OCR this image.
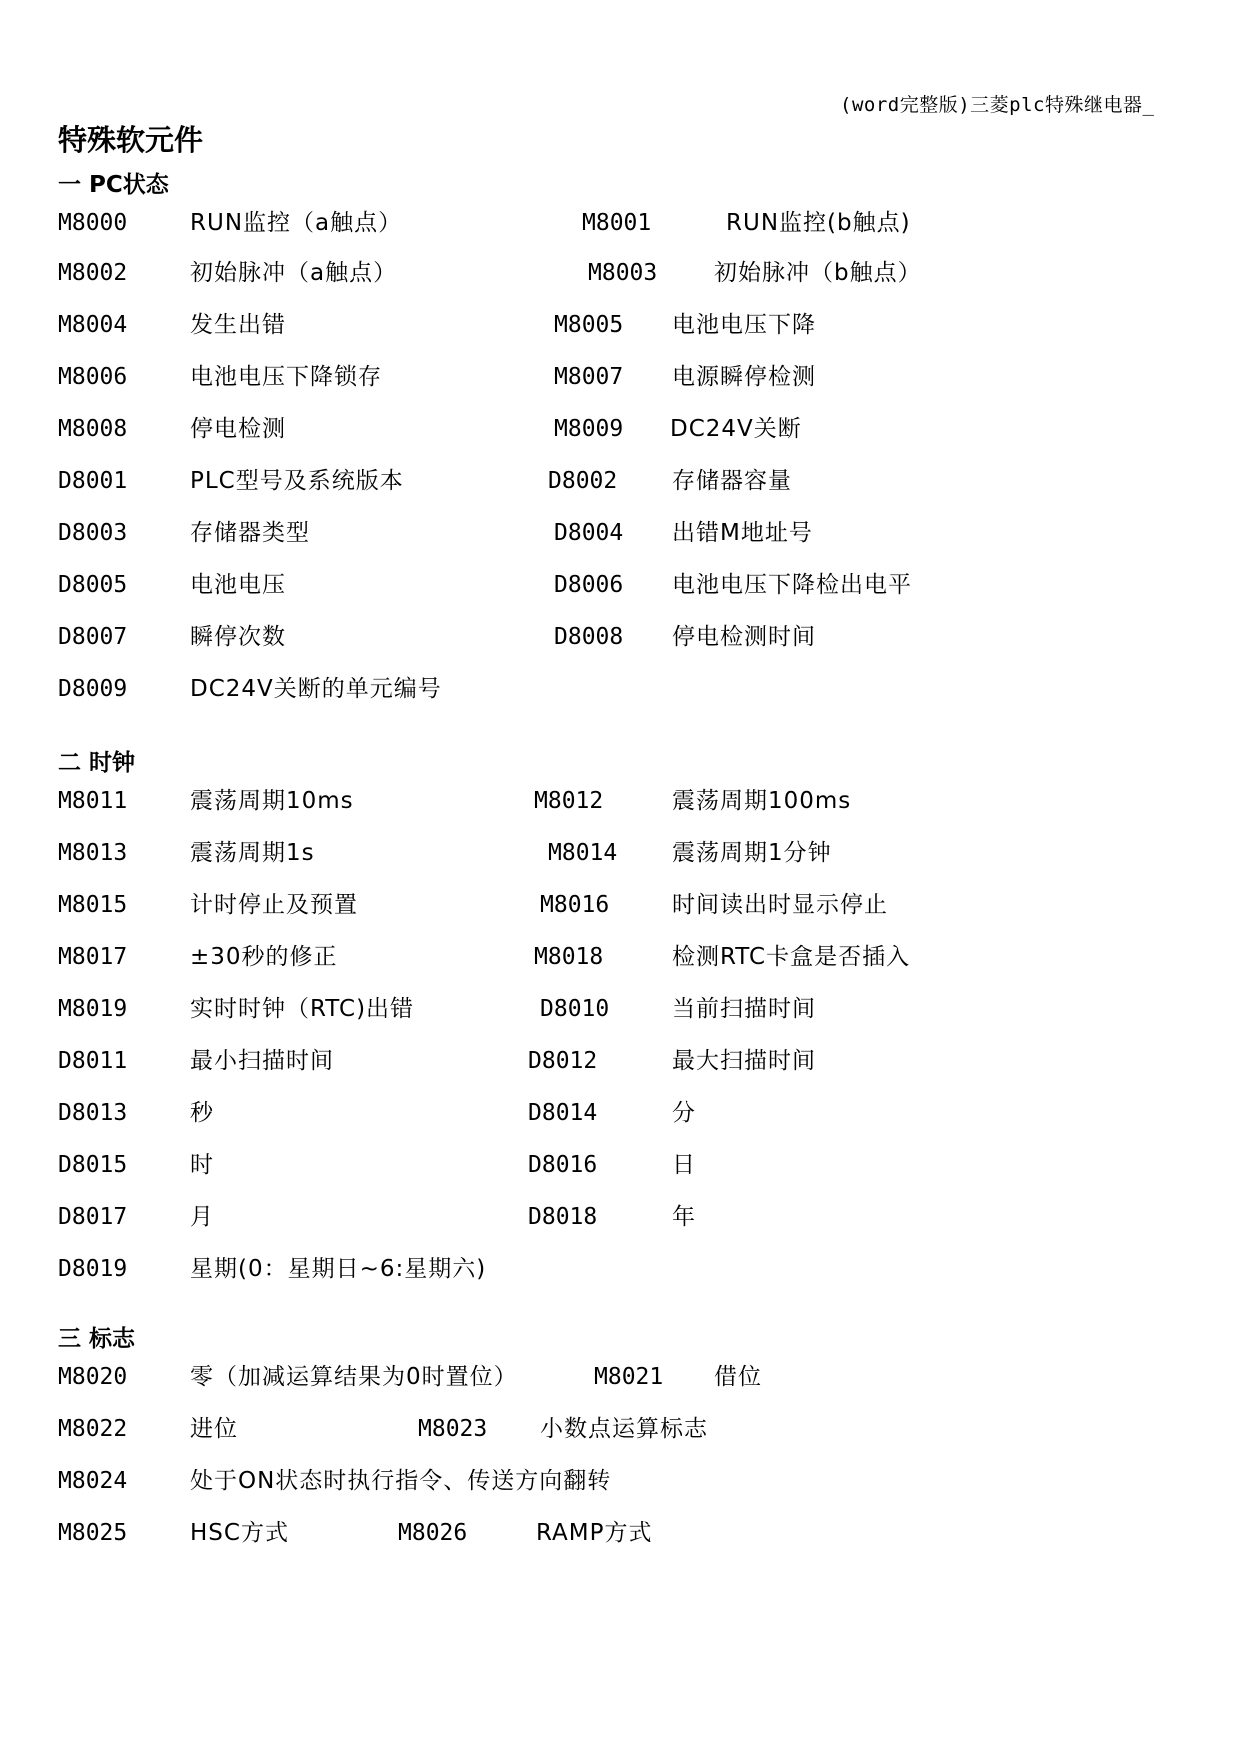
(word完整版)三菱plc特殊继电器_
特殊软元件
一 PC状态
M8000	RUN监控（a触点）	M8001	RUN监控(b触点)
M8002	初始脉冲（a触点）	M8003 初始脉冲（b触点）
M8004	发生出错	M8005 电池电压下降
M8006	电池电压下降锁存	M8007 电源瞬停检测
M8008	停电检测	M8009 DC24V关断
D8001	PLC型号及系统版本	D8002 存储器容量
D8003	存储器类型	D8004 出错M地址号
D8005	电池电压	D8006 电池电压下降检出电平
D8007	瞬停次数	D8008 停电检测时间
D8009	DC24V关断的单元编号
二 时钟
M8011	震荡周期10ms	M8012	震荡周期100ms
M8013	震荡周期1s	M8014 震荡周期1分钟
M8015	计时停止及预置	M8016	时间读出时显示停止
M8017	±30秒的修正	M8018	检测RTC卡盒是否插入
M8019	实时时钟（RTC)出错	D8010	当前扫描时间
D8011	最小扫描时间	D8012	最大扫描时间
D8013	秒	D8014	分
D8015	时	D8016	日
D8017	月	D8018	年
D8019	星期(0：星期日~6:星期六)
三 标志
M8020	零（加减运算结果为0时置位）	M8021 借位
M8022	进位	M8023 小数点运算标志
M8024	处于ON状态时执行指令、传送方向翻转
M8025	HSC方式	M8026	RAMP方式
